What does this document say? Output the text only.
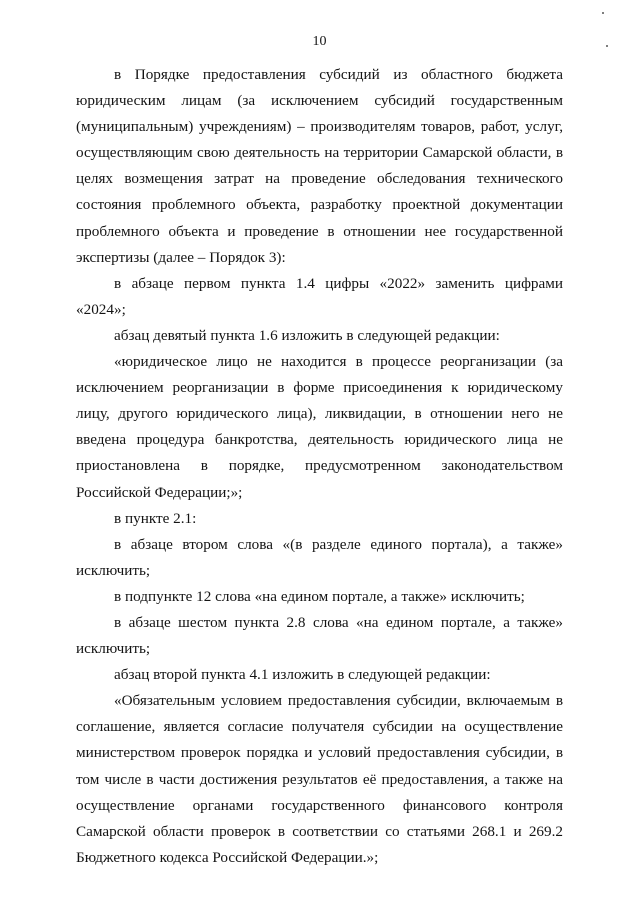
10

в Порядке предоставления субсидий из областного бюджета юридическим лицам (за исключением субсидий государственным (муниципальным) учреждениям) – производителям товаров, работ, услуг, осуществляющим свою деятельность на территории Самарской области, в целях возмещения затрат на проведение обследования технического состояния проблемного объекта, разработку проектной документации проблемного объекта и проведение в отношении нее государственной экспертизы (далее – Порядок 3):

в абзаце первом пункта 1.4 цифры «2022» заменить цифрами «2024»;

абзац девятый пункта 1.6 изложить в следующей редакции:

«юридическое лицо не находится в процессе реорганизации (за исключением реорганизации в форме присоединения к юридическому лицу, другого юридического лица), ликвидации, в отношении него не введена процедура банкротства, деятельность юридического лица не приостановлена в порядке, предусмотренном законодательством Российской Федерации;»;

в пункте 2.1:

в абзаце втором слова «(в разделе единого портала), а также» исключить;

в подпункте 12 слова «на едином портале, а также» исключить;

в абзаце шестом пункта 2.8 слова «на едином портале, а также» исключить;

абзац второй пункта 4.1 изложить в следующей редакции:

«Обязательным условием предоставления субсидии, включаемым в соглашение, является согласие получателя субсидии на осуществление министерством проверок порядка и условий предоставления субсидии, в том числе в части достижения результатов её предоставления, а также на осуществление органами государственного финансового контроля Самарской области проверок в соответствии со статьями 268.1 и 269.2 Бюджетного кодекса Российской Федерации.»;
